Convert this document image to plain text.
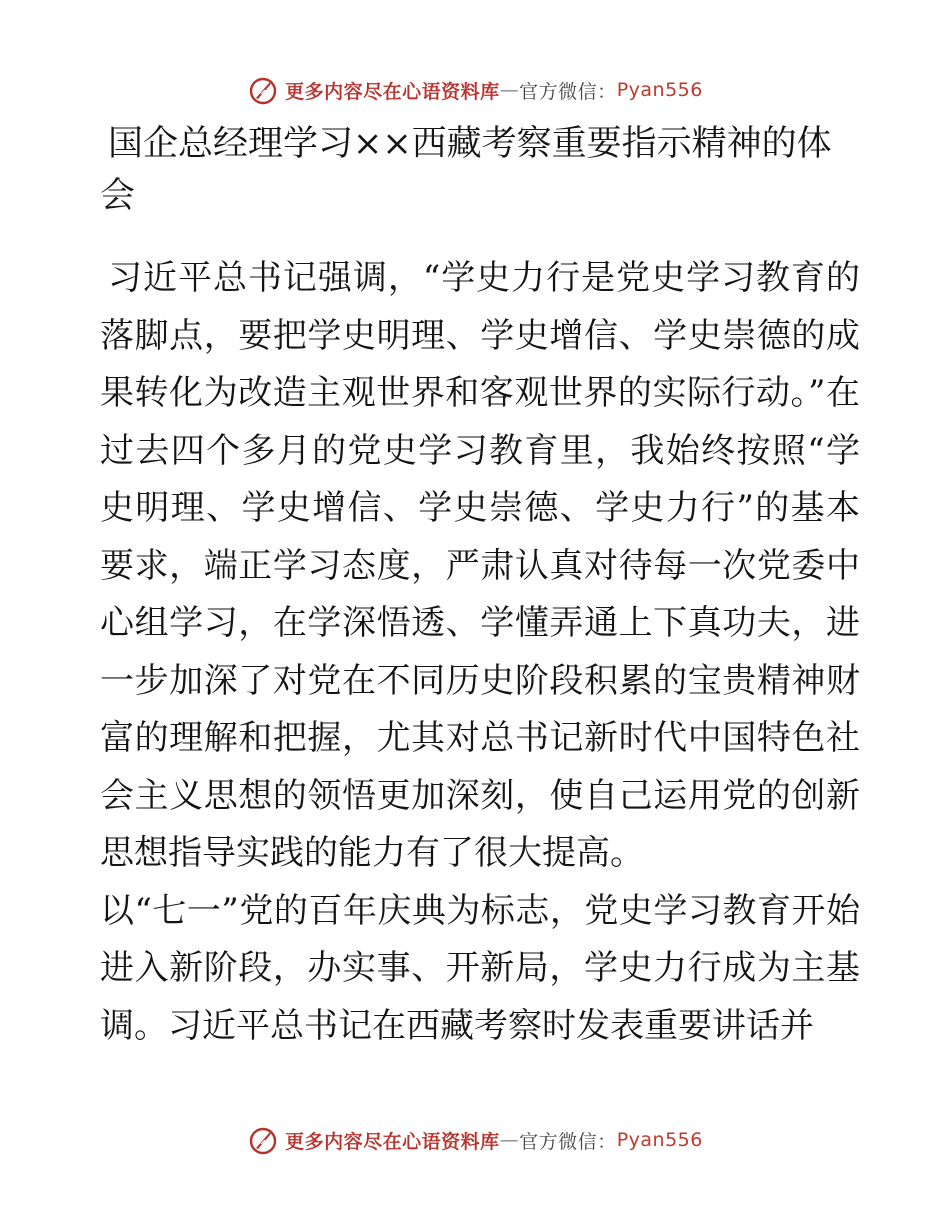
更多内容尽在心语资料库 — 官方微信： Pyan556
国企总经理学习××西藏考察重要指示精神的体会

习近平总书记强调，“学史力行是党史学习教育的落脚点，要把学史明理、学史增信、学史崇德的成果转化为改造主观世界和客观世界的实际行动。”在过去四个多月的党史学习教育里，我始终按照“学史明理、学史增信、学史崇德、学史力行”的基本要求，端正学习态度，严肃认真对待每一次党委中心组学习，在学深悟透、学懂弄通上下真功夫，进一步加深了对党在不同历史阶段积累的宝贵精神财富的理解和把握，尤其对总书记新时代中国特色社会主义思想的领悟更加深刻，使自己运用党的创新思想指导实践的能力有了很大提高。

以“七一”党的百年庆典为标志，党史学习教育开始进入新阶段，办实事、开新局，学史力行成为主基调。习近平总书记在西藏考察时发表重要讲话并

更多内容尽在心语资料库 — 官方微信： Pyan556
